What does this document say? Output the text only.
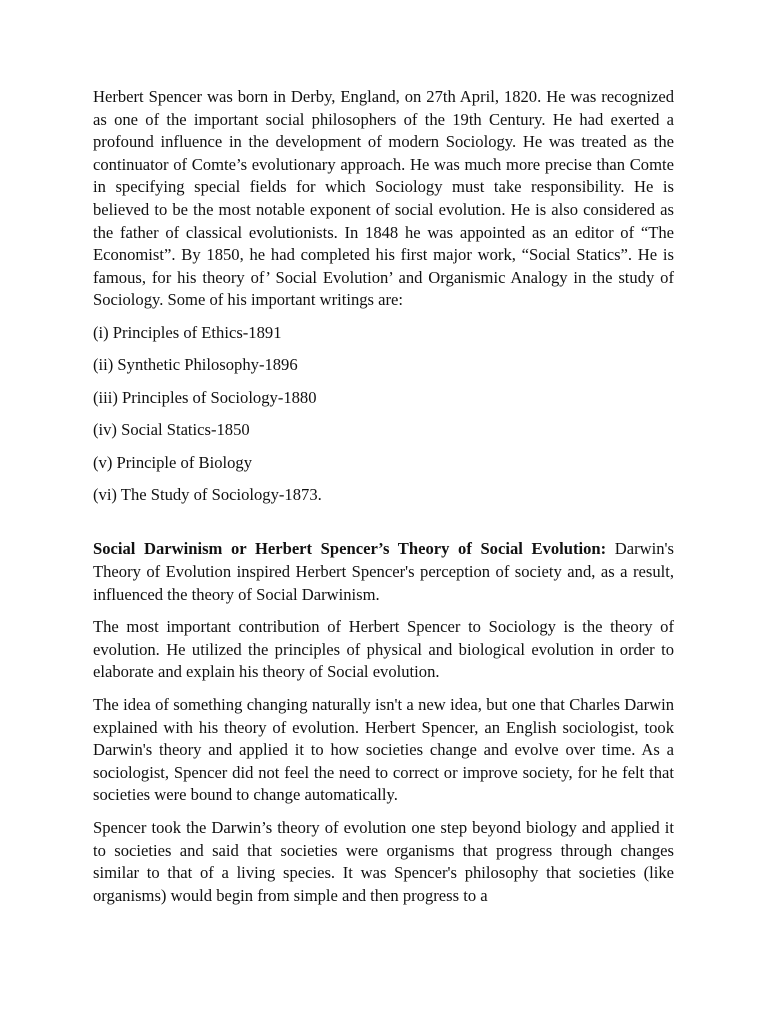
Herbert Spencer was born in Derby, England, on 27th April, 1820. He was recognized as one of the important social philosophers of the 19th Century. He had exerted a profound influence in the development of modern Sociology. He was treated as the continuator of Comte’s evolutionary approach. He was much more precise than Comte in specifying special fields for which Sociology must take responsibility. He is believed to be the most notable exponent of social evolution. He is also considered as the father of classical evolutionists. In 1848 he was appointed as an editor of “The Economist”. By 1850, he had completed his first major work, “Social Statics”. He is famous, for his theory of’ Social Evolution’ and Organismic Analogy in the study of Sociology. Some of his important writings are:

(i) Principles of Ethics-1891
(ii) Synthetic Philosophy-1896
(iii) Principles of Sociology-1880
(iv) Social Statics-1850
(v) Principle of Biology
(vi) The Study of Sociology-1873.

Social Darwinism or Herbert Spencer’s Theory of Social Evolution: Darwin's Theory of Evolution inspired Herbert Spencer's perception of society and, as a result, influenced the theory of Social Darwinism.

The most important contribution of Herbert Spencer to Sociology is the theory of evolution. He utilized the principles of physical and biological evolution in order to elaborate and explain his theory of Social evolution.

The idea of something changing naturally isn't a new idea, but one that Charles Darwin explained with his theory of evolution. Herbert Spencer, an English sociologist, took Darwin's theory and applied it to how societies change and evolve over time. As a sociologist, Spencer did not feel the need to correct or improve society, for he felt that societies were bound to change automatically.

Spencer took the Darwin’s theory of evolution one step beyond biology and applied it to societies and said that societies were organisms that progress through changes similar to that of a living species. It was Spencer's philosophy that societies (like organisms) would begin from simple and then progress to a
